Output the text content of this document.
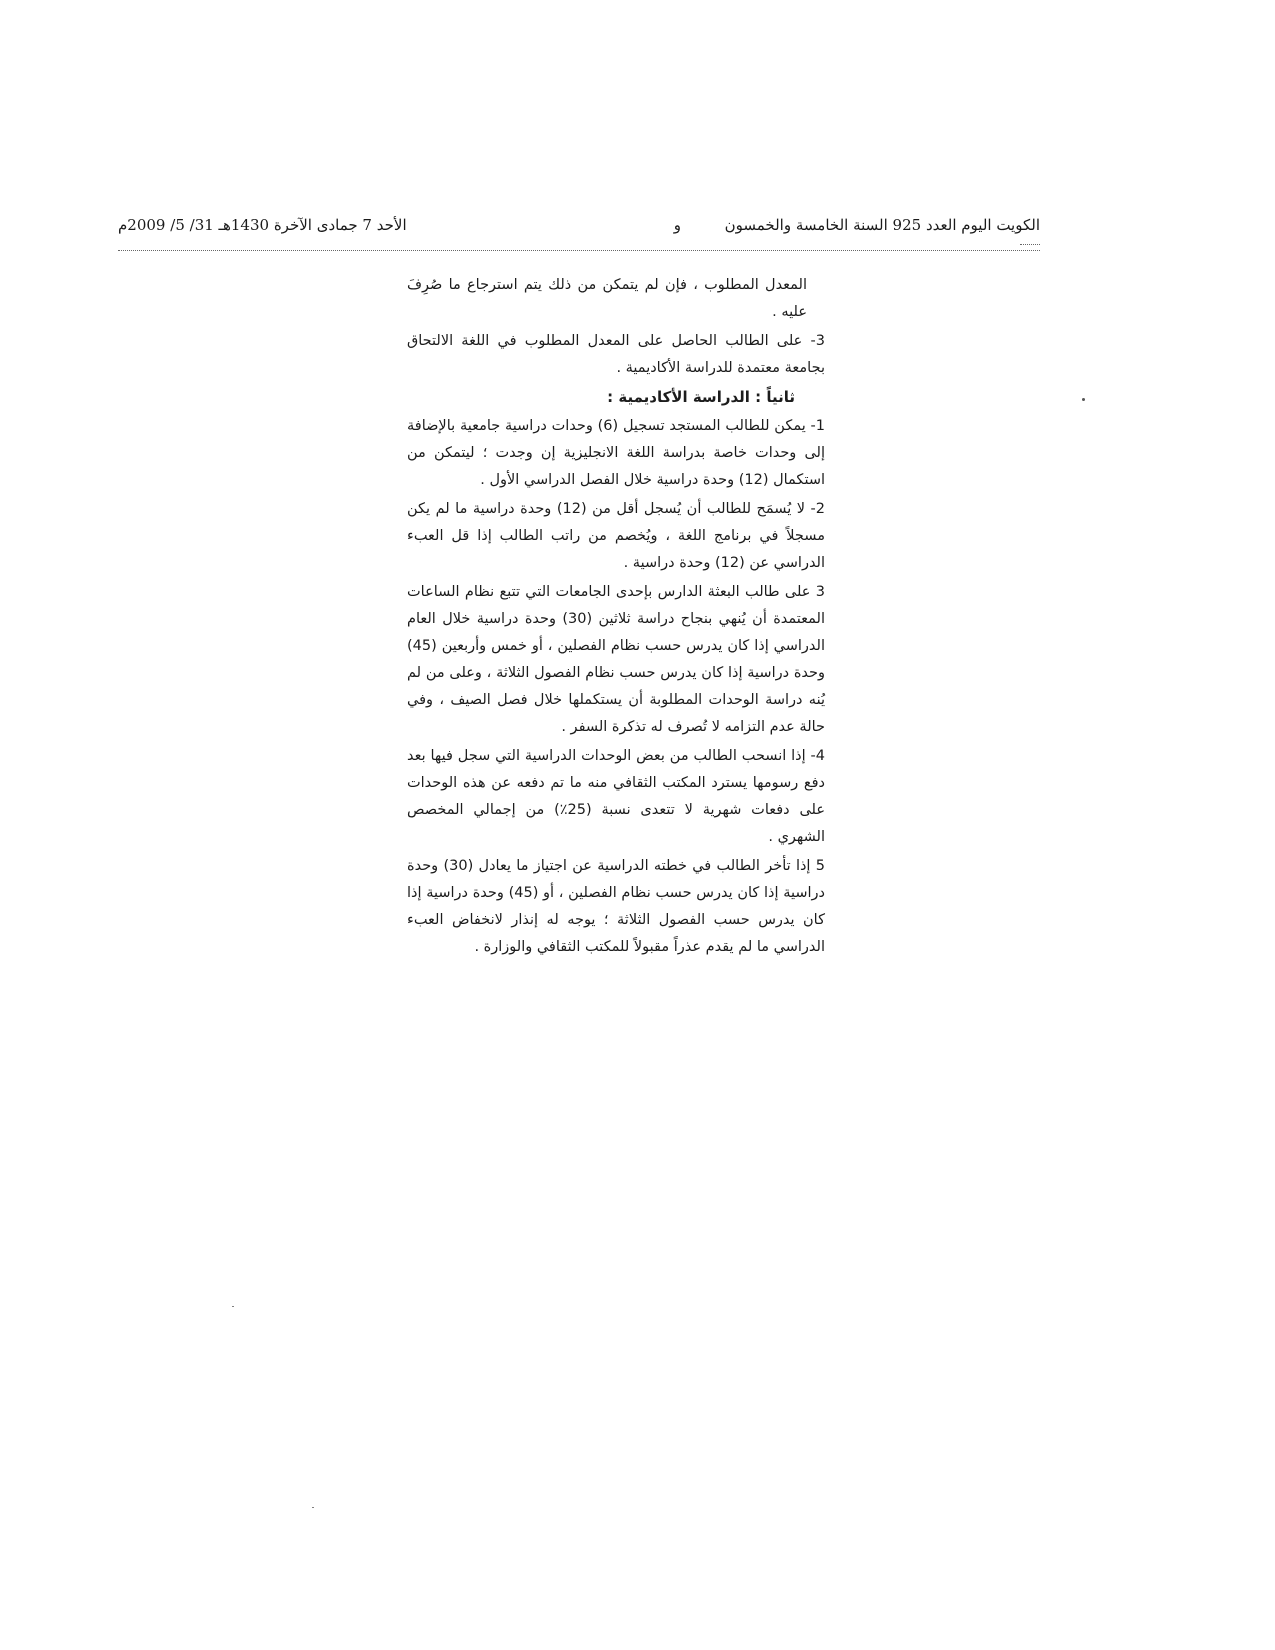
الكويت اليوم العدد 925 السنة الخامسة والخمسون  و
الأحد 7 جمادى الآخرة 1430هـ 31/ 5/ 2009م

المعدل المطلوب ، فإن لم يتمكن من ذلك يتم استرجاع ما صُرِفَ عليه .

3- على الطالب الحاصل على المعدل المطلوب في اللغة الالتحاق بجامعة معتمدة للدراسة الأكاديمية .

ثانياً : الدراسة الأكاديمية :

1- يمكن للطالب المستجد تسجيل (6) وحدات دراسية جامعية بالإضافة إلى وحدات خاصة بدراسة اللغة الانجليزية إن وجدت ؛ ليتمكن من استكمال (12) وحدة دراسية خلال الفصل الدراسي الأول .

2- لا يُسمَح للطالب أن يُسجل أقل من (12) وحدة دراسية ما لم يكن مسجلاً في برنامج اللغة ، ويُخصم من راتب الطالب إذا قل العبء الدراسي عن (12) وحدة دراسية .

3 على طالب البعثة الدارس بإحدى الجامعات التي تتبع نظام الساعات المعتمدة أن يُنهي بنجاح دراسة ثلاثين (30) وحدة دراسية خلال العام الدراسي إذا كان يدرس حسب نظام الفصلين ، أو خمس وأربعين (45) وحدة دراسية إذا كان يدرس حسب نظام الفصول الثلاثة ، وعلى من لم يُنه دراسة الوحدات المطلوبة أن يستكملها خلال فصل الصيف ، وفي حالة عدم التزامه لا تُصرف له تذكرة السفر .

4- إذا انسحب الطالب من بعض الوحدات الدراسية التي سجل فيها بعد دفع رسومها يسترد المكتب الثقافي منه ما تم دفعه عن هذه الوحدات على دفعات شهرية لا تتعدى نسبة (25٪) من إجمالي المخصص الشهري .

5 إذا تأخر الطالب في خطته الدراسية عن اجتياز ما يعادل (30) وحدة دراسية إذا كان يدرس حسب نظام الفصلين ، أو (45) وحدة دراسية إذا كان يدرس حسب الفصول الثلاثة ؛ يوجه له إنذار لانخفاض العبء الدراسي ما لم يقدم عذراً مقبولاً للمكتب الثقافي والوزارة .
